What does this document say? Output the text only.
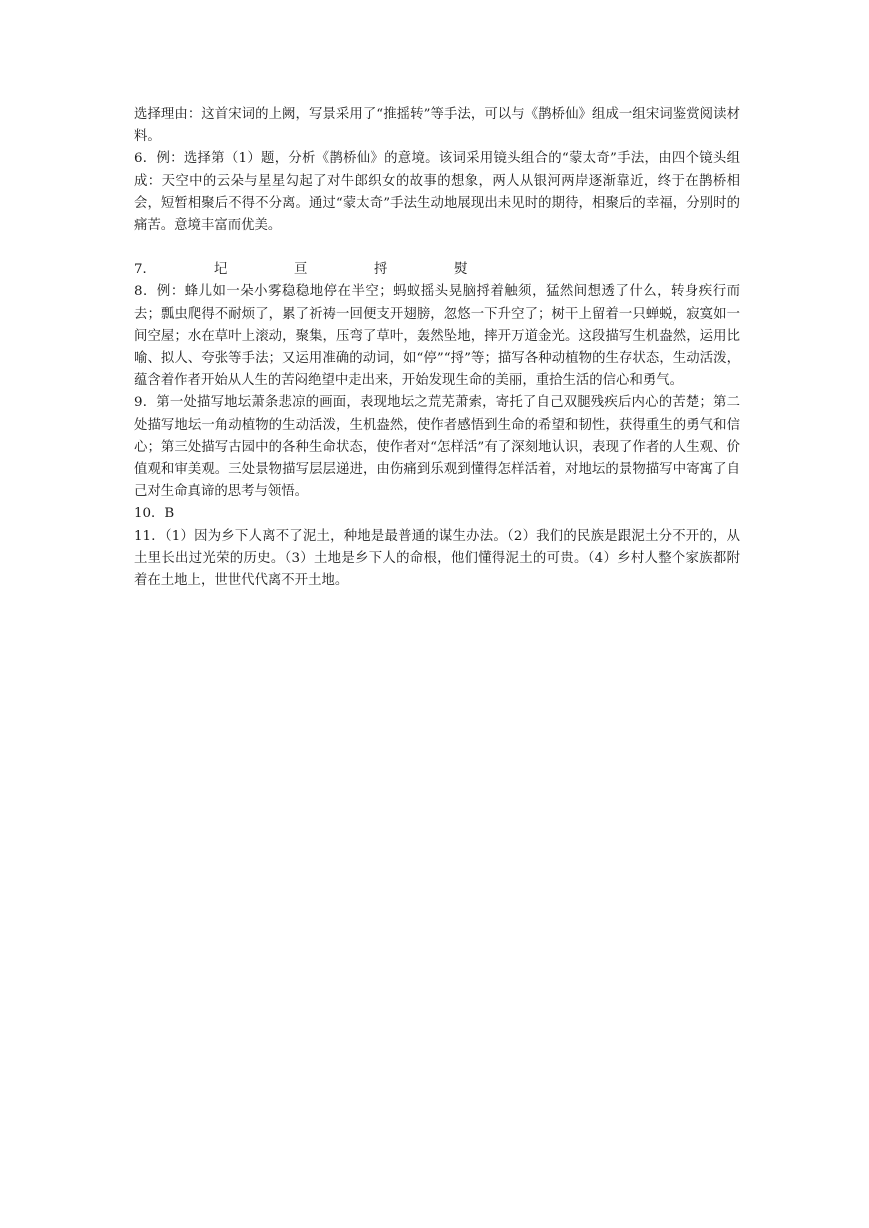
选择理由：这首宋词的上阙，写景采用了“推摇转”等手法，可以与《鹊桥仙》组成一组宋词鉴赏阅读材料。

6．例：选择第（1）题，分析《鹊桥仙》的意境。该词采用镜头组合的“蒙太奇”手法，由四个镜头组成：天空中的云朵与星星勾起了对牛郎织女的故事的想象，两人从银河两岸逐渐靠近，终于在鹊桥相会，短暂相聚后不得不分离。通过“蒙太奇”手法生动地展现出未见时的期待，相聚后的幸福，分别时的痛苦。意境丰富而优美。

7．	圮	亘	捋	熨

8．例：蜂儿如一朵小雾稳稳地停在半空；蚂蚁摇头晃脑捋着触须，猛然间想透了什么，转身疾行而去；瓢虫爬得不耐烦了，累了祈祷一回便支开翅膀，忽悠一下升空了；树干上留着一只蝉蜕，寂寞如一间空屋；水在草叶上滚动，聚集，压弯了草叶，轰然坠地，摔开万道金光。这段描写生机盎然，运用比喻、拟人、夸张等手法；又运用准确的动词，如“停”“捋”等；描写各种动植物的生存状态，生动活泼，蕴含着作者开始从人生的苦闷绝望中走出来，开始发现生命的美丽，重拾生活的信心和勇气。

9．第一处描写地坛萧条悲凉的画面，表现地坛之荒芜萧索，寄托了自己双腿残疾后内心的苦楚；第二处描写地坛一角动植物的生动活泼，生机盎然，使作者感悟到生命的希望和韧性，获得重生的勇气和信心；第三处描写古园中的各种生命状态，使作者对“怎样活”有了深刻地认识，表现了作者的人生观、价值观和审美观。三处景物描写层层递进，由伤痛到乐观到懂得怎样活着，对地坛的景物描写中寄寓了自己对生命真谛的思考与领悟。

10．B

11．（1）因为乡下人离不了泥土，种地是最普通的谋生办法。（2）我们的民族是跟泥土分不开的，从土里长出过光荣的历史。（3）土地是乡下人的命根，他们懂得泥土的可贵。（4）乡村人整个家族都附着在土地上，世世代代离不开土地。
